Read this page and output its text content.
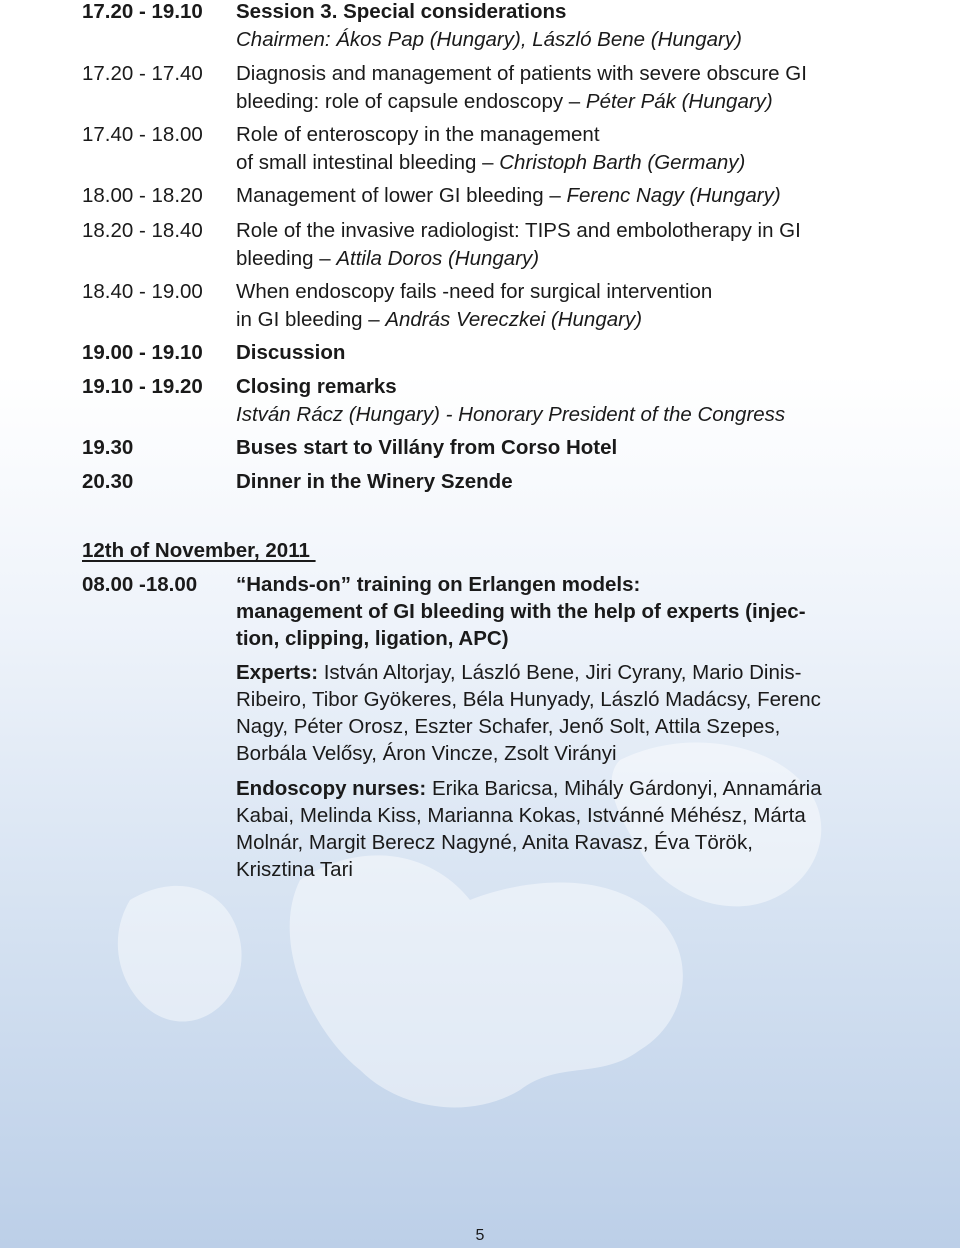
17.20 - 19.10 Session 3. Special considerations
Chairmen: Ákos Pap (Hungary), László Bene (Hungary)
17.20 - 17.40 Diagnosis and management of patients with severe obscure GI
bleeding: role of capsule endoscopy – Péter Pák (Hungary)
17.40 - 18.00 Role of enteroscopy in the management
of small intestinal bleeding – Christoph Barth (Germany)
18.00 - 18.20 Management of lower GI bleeding – Ferenc Nagy (Hungary)
18.20 - 18.40 Role of the invasive radiologist: TIPS and embolotherapy in GI
bleeding – Attila Doros (Hungary)
18.40 - 19.00 When endoscopy fails -need for surgical intervention
in GI bleeding – András Vereczkei (Hungary)
19.00 - 19.10 Discussion
19.10 - 19.20 Closing remarks
István Rácz (Hungary) - Honorary President of the Congress
19.30	Buses start to Villány from Corso Hotel
20.30	Dinner in the Winery Szende
12th of November, 2011
08.00 -18.00 “Hands-on” training on Erlangen models:
management of GI bleeding with the help of experts (injec-
tion, clipping, ligation, APC)
Experts: István Altorjay, László Bene, Jiri Cyrany, Mario Dinis-
Ribeiro, Tibor Gyökeres, Béla Hunyady, László Madácsy, Ferenc
Nagy, Péter Orosz, Eszter Schafer, Jenő Solt, Attila Szepes,
Borbála Velősy, Áron Vincze, Zsolt Virányi
Endoscopy nurses: Erika Baricsa, Mihály Gárdonyi, Annamária
Kabai, Melinda Kiss, Marianna Kokas, Istvánné Méhész, Márta
Molnár, Margit Berecz Nagyné, Anita Ravasz, Éva Török,
Krisztina Tari
5
